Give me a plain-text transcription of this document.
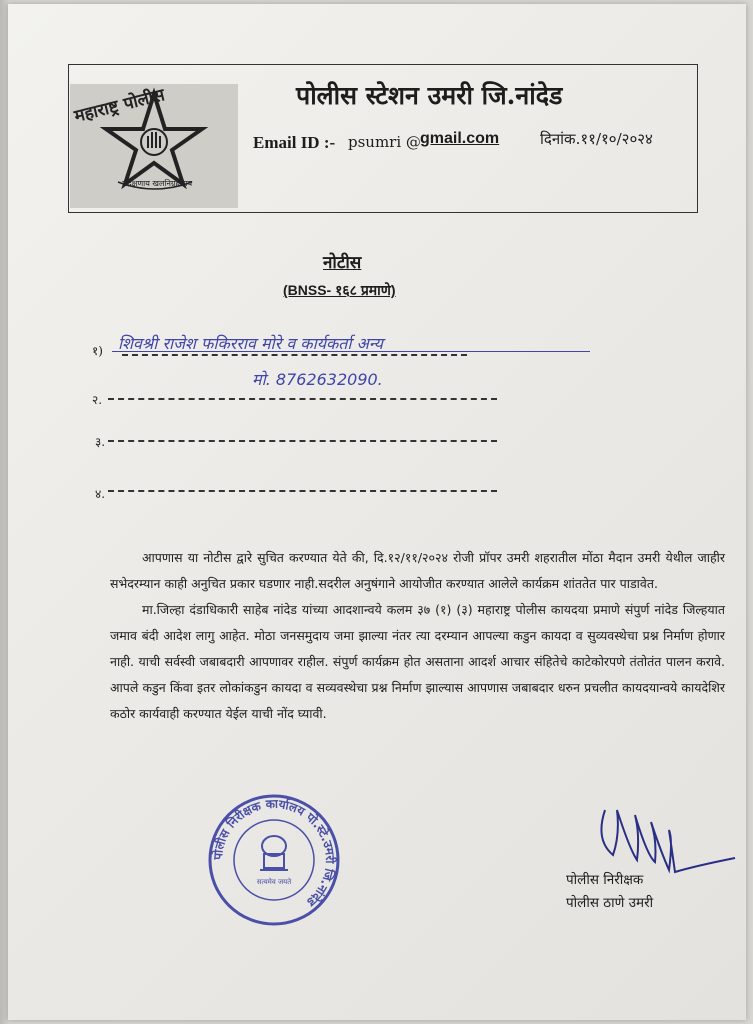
महाराष्ट्र पोलीस
सद्रक्षणाय खलनिग्रहणाय
पोलीस स्टेशन उमरी जि.नांदेड
Email ID :- psumri @ gmail.com	दिनांक.११/१०/२०२४
नोटीस
(BNSS- १६८ प्रमाणे)
१) शिवश्री राजेश फकिरराव मोरे व कार्यकर्ता अन्य
मो. 8762632090.
२.
३.
४.

आपणास या नोटीस द्वारे सुचित करण्यात येते की, दि.१२/११/२०२४ रोजी प्रॉपर उमरी शहरातील मोंठा मैदान उमरी येथील जाहीर सभेदरम्यान काही अनुचित प्रकार घडणार नाही.सदरील अनुषंगाने आयोजीत करण्यात आलेले कार्यक्रम शांततेत पार पाडावेत.

मा.जिल्हा दंडाधिकारी साहेब नांदेड यांच्या आदशान्वये कलम ३७ (१) (३) महाराष्ट्र पोलीस कायदया प्रमाणे संपुर्ण नांदेड जिल्हयात जमाव बंदी आदेश लागु आहेत. मोठा जनसमुदाय जमा झाल्या नंतर त्या दरम्यान आपल्या कडुन कायदा व सुव्यवस्थेचा प्रश्न निर्माण होणार नाही. याची सर्वस्वी जबाबदारी आपणावर राहील. संपुर्ण कार्यक्रम होत असताना आदर्श आचार संहितेचे काटेकोरपणे तंतोतंत पालन करावे. आपले कडुन किंवा इतर लोकांकडुन कायदा व सव्यवस्थेचा प्रश्न निर्माण झाल्यास आपणास जबाबदार धरुन प्रचलीत कायदयान्वये कायदेशिर कठोर कार्यवाही करण्यात येईल याची नोंद घ्यावी.

पोलीस निरीक्षक कार्यालय पो.स्टे.उमरी जि.नांदेड
सत्यमेव जयते	पोलीस निरीक्षक
पोलीस ठाणे उमरी
